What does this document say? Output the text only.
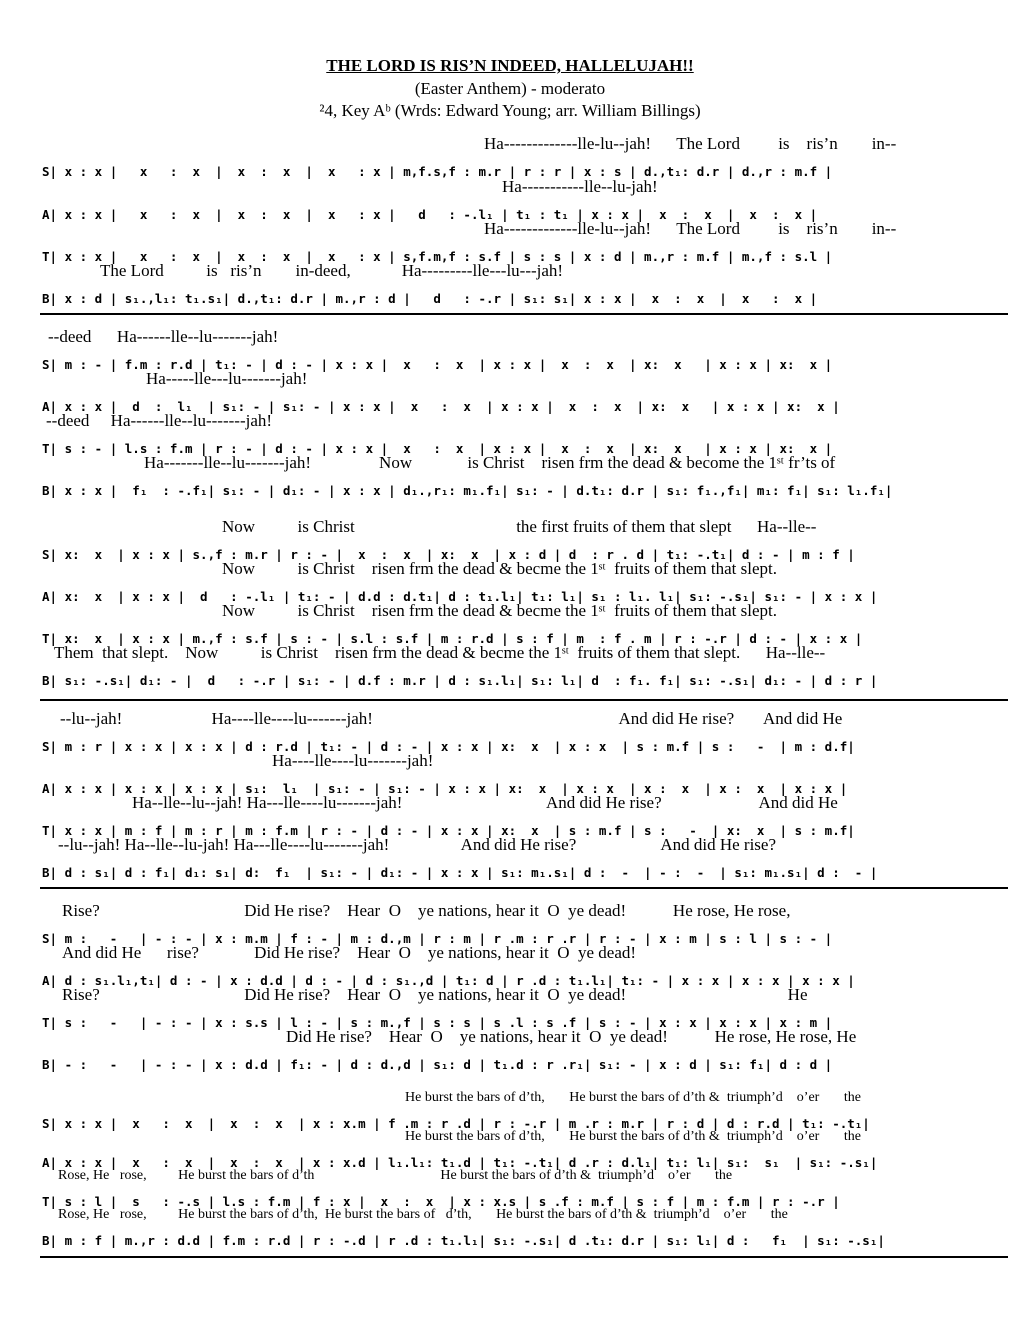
THE LORD IS RIS’N INDEED, HALLELUJAH!!
(Easter Anthem) - moderato
²4, Key Aᵇ (Wrds: Edward Young; arr. William Billings)
Ha-------------lle-lu--jah!      The Lord         is    ris’n        in--
S| x : x |   x   :  x  |  x  :  x  |  x   : x | m,f.s,f : m.r | r : r | x : s | d.,t₁: d.r | d.,r : m.f |
Ha-----------lle--lu-jah!
A| x : x |   x   :  x  |  x  :  x  |  x   : x |   d   : -.l₁ | t₁ : t₁ | x : x |  x  :  x  |  x  :  x |
Ha-------------lle-lu--jah!      The Lord         is    ris’n        in--
T| x : x |   x   :  x  |  x  :  x  |  x   : x | s,f.m,f : s.f | s : s | x : d | m.,r : m.f | m.,f : s.l |
The Lord          is   ris’n        in-deed,            Ha---------lle---lu---jah!
B| x : d | s₁.,l₁: t₁.s₁| d.,t₁: d.r | m.,r : d |   d   : -.r | s₁: s₁| x : x |  x  :  x  |  x   :  x |
--deed      Ha------lle--lu-------jah!
S| m : - | f.m : r.d | t₁: - | d : - | x : x |  x   :  x  | x : x |  x  :  x  | x:  x   | x : x | x:  x |
Ha-----lle---lu-------jah!
A| x : x |  d  :  l₁  | s₁: - | s₁: - | x : x |  x   :  x  | x : x |  x  :  x  | x:  x   | x : x | x:  x |
--deed     Ha------lle--lu-------jah!
T| s : - | l.s : f.m | r : - | d : - | x : x |  x   :  x  | x : x |  x  :  x  | x:  x   | x : x | x:  x |
Ha-------lle--lu-------jah!                Now             is Christ    risen frm the dead & become the 1ˢᵗ fr’ts of
B| x : x |  f₁  : -.f₁| s₁: - | d₁: - | x : x | d₁.,r₁: m₁.f₁| s₁: - | d.t₁: d.r | s₁: f₁.,f₁| m₁: f₁| s₁: l₁.f₁|
Now          is Christ                                      the first fruits of them that slept      Ha--lle--
S| x:  x  | x : x | s.,f : m.r | r : - |  x  :  x  | x:  x  | x : d | d  : r . d | t₁: -.t₁| d : - | m : f |
Now          is Christ    risen frm the dead & becme the 1ˢᵗ  fruits of them that slept.
A| x:  x  | x : x |  d   : -.l₁ | t₁: - | d.d : d.t₁| d : t₁.l₁| t₁: l₁| s₁ : l₁. l₁| s₁: -.s₁| s₁: - | x : x |
Now          is Christ    risen frm the dead & becme the 1ˢᵗ  fruits of them that slept.
T| x:  x  | x : x | m.,f : s.f | s : - | s.l : s.f | m : r.d | s : f | m  : f . m | r : -.r | d : - | x : x |
Them  that slept.    Now          is Christ    risen frm the dead & becme the 1ˢᵗ  fruits of them that slept.      Ha--lle--
B| s₁: -.s₁| d₁: - |  d   : -.r | s₁: - | d.f : m.r | d : s₁.l₁| s₁: l₁| d  : f₁. f₁| s₁: -.s₁| d₁: - | d : r |
--lu--jah!                     Ha----lle----lu-------jah!                                                          And did He rise?       And did He
S| m : r | x : x | x : x | d : r.d | t₁: - | d : - | x : x | x:  x  | x : x  | s : m.f | s :   -  | m : d.f|
Ha----lle----lu-------jah!
A| x : x | x : x | x : x | s₁:  l₁  | s₁: - | s₁: - | x : x | x:  x  | x : x  | x :  x  | x :  x  | x : x |
Ha--lle--lu--jah! Ha---lle----lu-------jah!                                  And did He rise?                       And did He
T| x : x | m : f | m : r | m : f.m | r : - | d : - | x : x | x:  x  | s : m.f | s :   -  | x:  x  | s : m.f|
--lu--jah! Ha--lle--lu-jah! Ha---lle----lu-------jah!                 And did He rise?                    And did He rise?
B| d : s₁| d : f₁| d₁: s₁| d:  f₁  | s₁: - | d₁: - | x : x | s₁: m₁.s₁| d :  -  | - :  -  | s₁: m₁.s₁| d :  - |
Rise?                                  Did He rise?    Hear  O    ye nations, hear it  O  ye dead!           He rose, He rose,
S| m :   -   | - : - | x : m.m | f : - | m : d.,m | r : m | r .m : r .r | r : - | x : m | s : l | s : - |
And did He      rise?             Did He rise?    Hear  O    ye nations, hear it  O  ye dead!
A| d : s₁.l₁,t₁| d : - | x : d.d | d : - | d : s₁.,d | t₁: d | r .d : t₁.l₁| t₁: - | x : x | x : x | x : x |
Rise?                                  Did He rise?    Hear  O    ye nations, hear it  O  ye dead!                                      He
T| s :   -   | - : - | x : s.s | l : - | s : m.,f | s : s | s .l : s .f | s : - | x : x | x : x | x : m |
Did He rise?    Hear  O    ye nations, hear it  O  ye dead!           He rose, He rose, He
B| - :   -   | - : - | x : d.d | f₁: - | d : d.,d | s₁: d | t₁.d : r .r₁| s₁: - | x : d | s₁: f₁| d : d |
He burst the bars of d’th,       He burst the bars of d’th &  triumph’d    o’er       the
S| x : x |  x   :  x  |  x  :  x  | x : x.m | f .m : r .d | r : -.r | m .r : m.r | r : d | d : r.d | t₁: -.t₁|
He burst the bars of d’th,       He burst the bars of d’th &  triumph’d    o’er       the
A| x : x |  x   :  x  |  x  :  x  | x : x.d | l₁.l₁: t₁.d | t₁: -.t₁| d .r : d.l₁| t₁: l₁| s₁:  s₁  | s₁: -.s₁|
Rose, He   rose,         He burst the bars of d’th                                    He burst the bars of d’th &  triumph’d    o’er       the
T| s : l |  s   : -.s | l.s : f.m | f : x |  x  :  x  | x : x.s | s .f : m.f | s : f | m : f.m | r : -.r |
Rose, He   rose,         He burst the bars of d’th,  He burst the bars of   d’th,       He burst the bars of d’th &  triumph’d    o’er       the
B| m : f | m.,r : d.d | f.m : r.d | r : -.d | r .d : t₁.l₁| s₁: -.s₁| d .t₁: d.r | s₁: l₁| d :   f₁  | s₁: -.s₁|
